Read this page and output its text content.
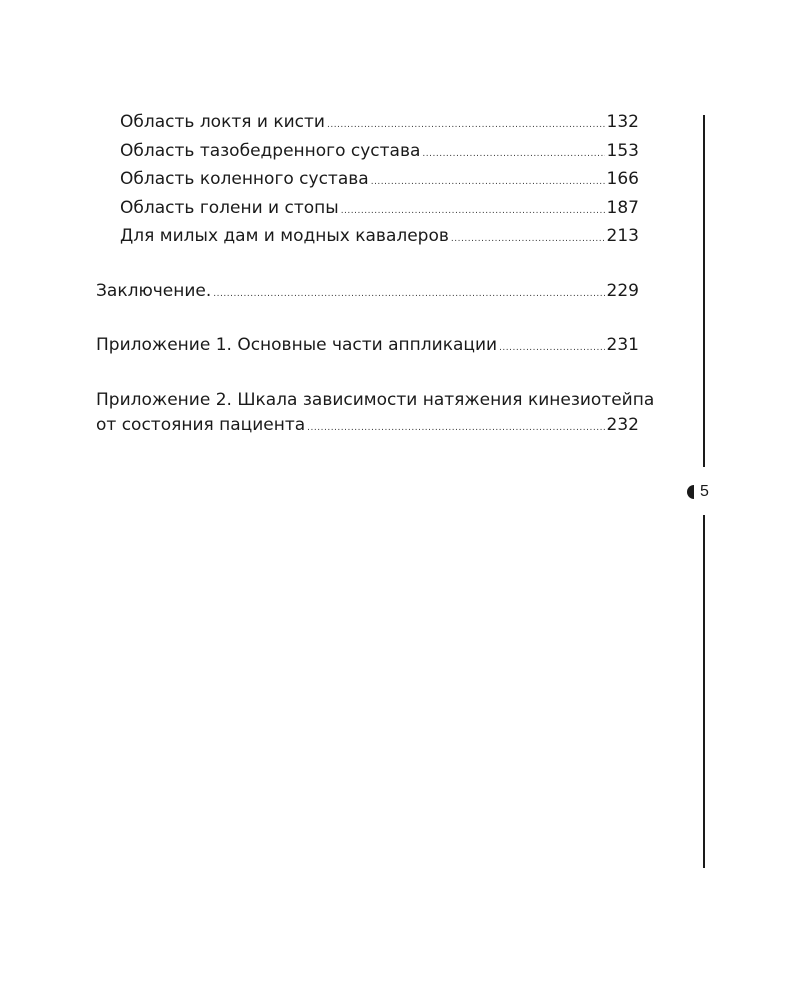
Область локтя и кисти .....	132
Область тазобедренного сустава .....	153
Область коленного сустава .....	166
Область голени и стопы .....	187
Для милых дам и модных кавалеров .....	213
Заключение. .....	229
Приложение 1. Основные части аппликации .....	231
Приложение 2. Шкала зависимости натяжения кинезиотейпа
от состояния пациента .....	232
5
